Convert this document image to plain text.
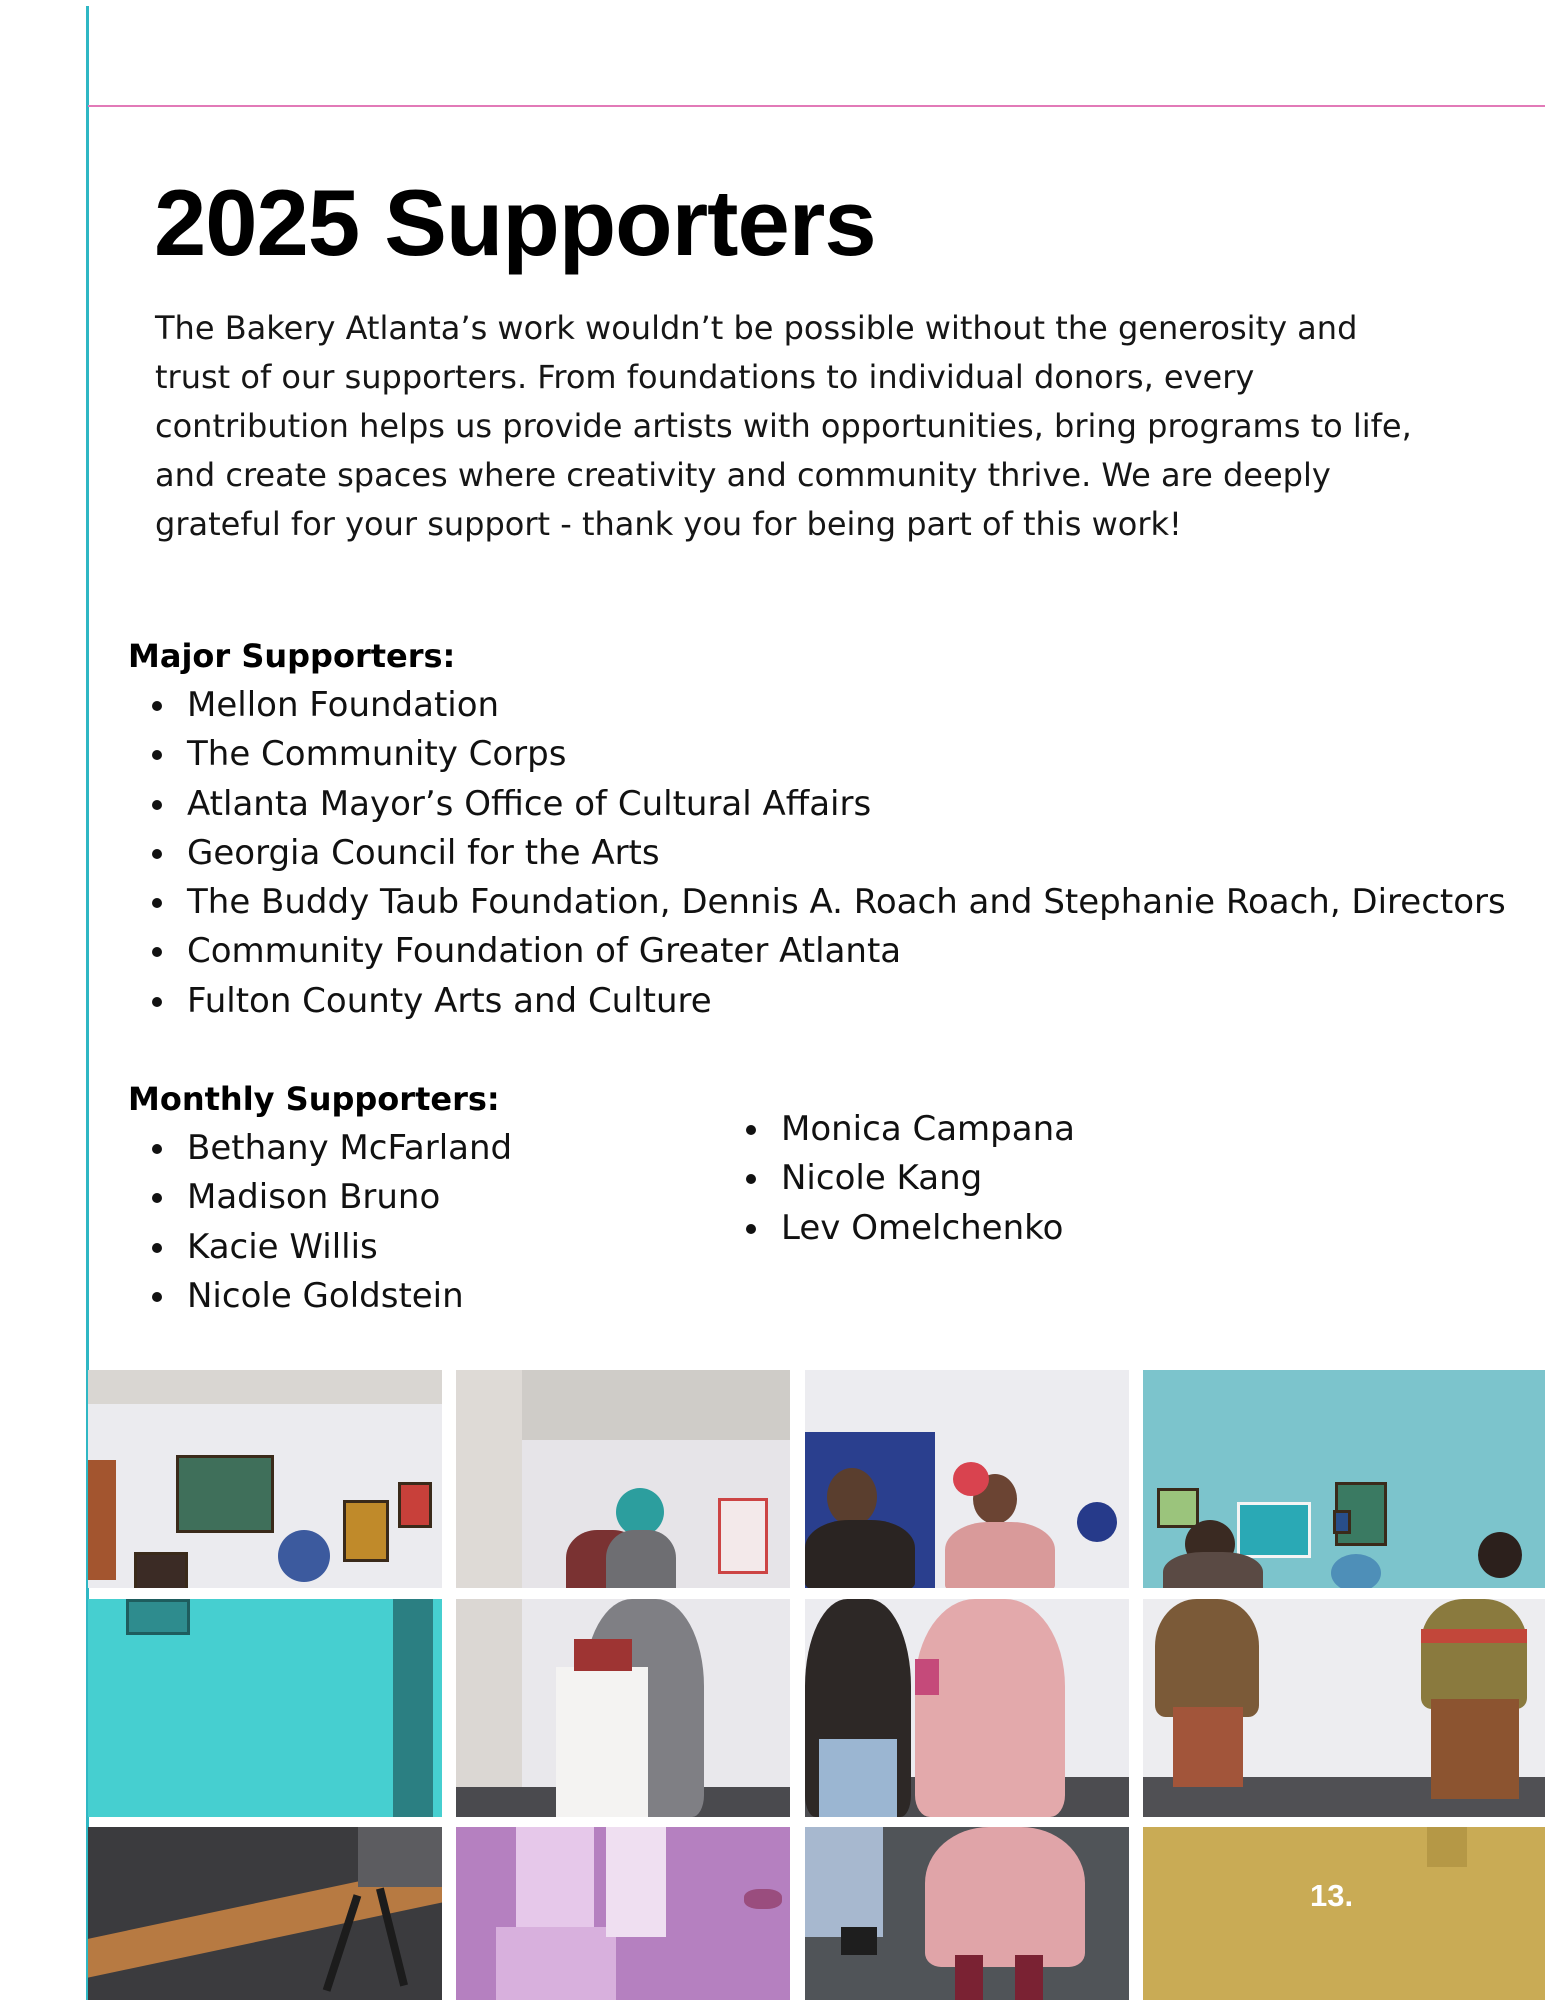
2025 Supporters

The Bakery Atlanta’s work wouldn’t be possible without the generosity and trust of our supporters. From foundations to individual donors, every contribution helps us provide artists with opportunities, bring programs to life, and create spaces where creativity and community thrive. We are deeply grateful for your support - thank you for being part of this work!

Major Supporters:
Mellon Foundation
The Community Corps
Atlanta Mayor’s Office of Cultural Affairs
Georgia Council for the Arts
The Buddy Taub Foundation, Dennis A. Roach and Stephanie Roach, Directors
Community Foundation of Greater Atlanta
Fulton County Arts and Culture
Monthly Supporters:
Bethany McFarland
Madison Bruno
Kacie Willis
Nicole Goldstein
Monica Campana
Nicole Kang
Lev Omelchenko
13.
